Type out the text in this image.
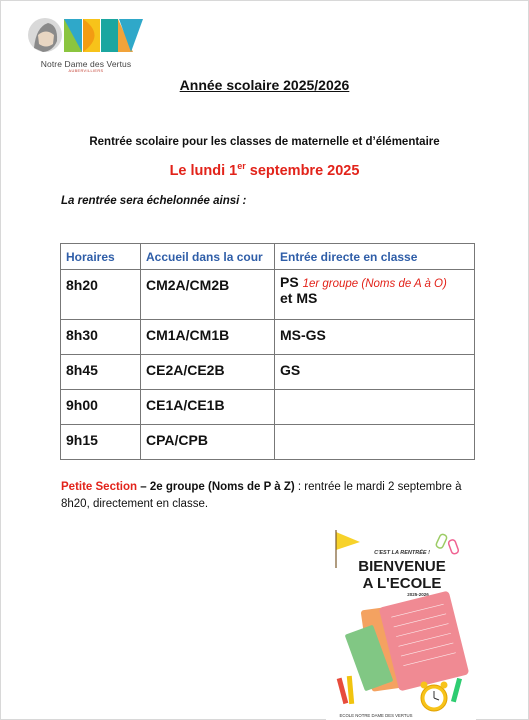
Notre Dame des Vertus
AUBERVILLIERS
Année scolaire 2025/2026
Rentrée scolaire pour les classes de maternelle et d’élémentaire
Le lundi 1er septembre 2025
La rentrée sera échelonnée ainsi :
Horaires	Accueil dans la cour	Entrée directe en classe
8h20	CM2A/CM2B	PS 1er groupe (Noms de A à O)
et MS
8h30	CM1A/CM1B	MS-GS
8h45	CE2A/CE2B	GS
9h00	CE1A/CE1B	
9h15	CPA/CPB	
Petite Section – 2e groupe (Noms de P à Z) : rentrée le mardi 2 septembre à 8h20, directement en classe.
C'EST LA RENTRÉE !
BIENVENUE
A L'ECOLE
2025-2026
ECOLE NOTRE DAME DES VERTUS
